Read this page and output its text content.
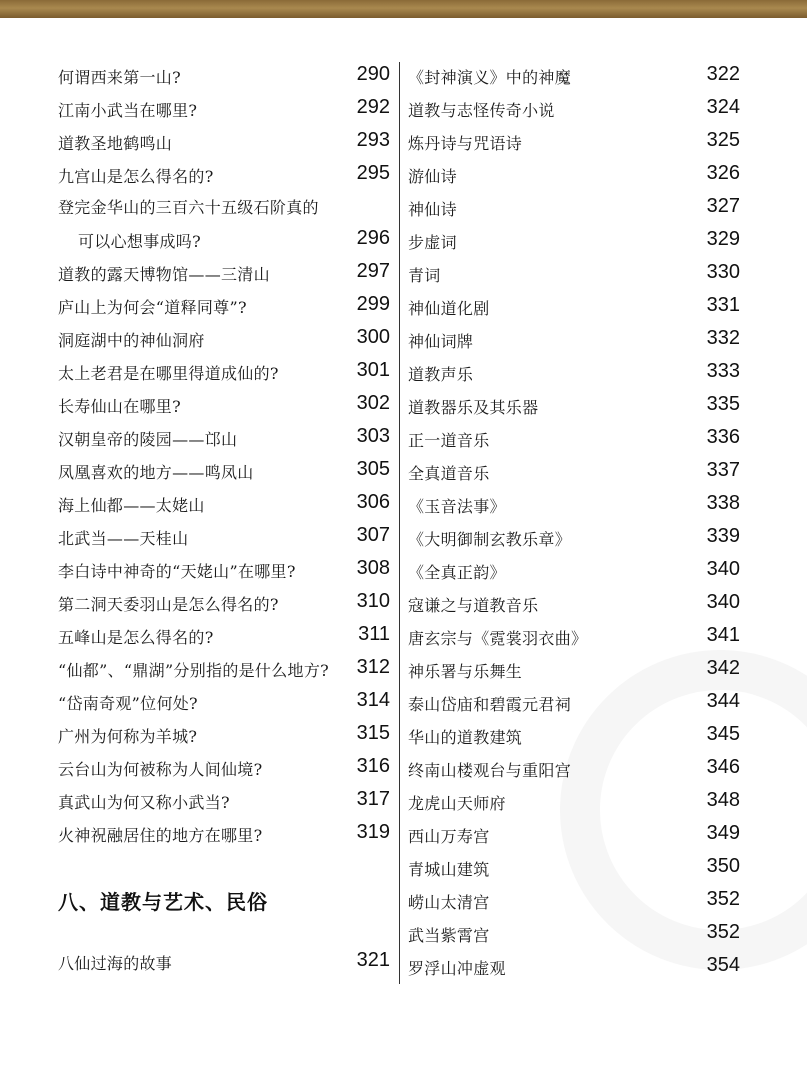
何谓西来第一山?	290
江南小武当在哪里?	292
道教圣地鹤鸣山	293
九宫山是怎么得名的?	295
登完金华山的三百六十五级石阶真的
可以心想事成吗?	296
道教的露天博物馆——三清山	297
庐山上为何会“道释同尊”?	299
洞庭湖中的神仙洞府	300
太上老君是在哪里得道成仙的?	301
长寿仙山在哪里?	302
汉朝皇帝的陵园——邙山	303
凤凰喜欢的地方——鸣凤山	305
海上仙都——太姥山	306
北武当——天桂山	307
李白诗中神奇的“天姥山”在哪里?	308
第二洞天委羽山是怎么得名的?	310
五峰山是怎么得名的?	311
“仙都”、“鼎湖”分别指的是什么地方? 312
“岱南奇观”位何处?	314
广州为何称为羊城?	315
云台山为何被称为人间仙境?	316
真武山为何又称小武当?	317
火神祝融居住的地方在哪里?	319
八仙过海的故事	321
八、道教与艺术、民俗
《封神演义》中的神魔	322
道教与志怪传奇小说	324
炼丹诗与咒语诗	325
游仙诗	326
神仙诗	327
步虚词	329
青词	330
神仙道化剧	331
神仙词牌	332
道教声乐	333
道教器乐及其乐器	335
正一道音乐	336
全真道音乐	337
《玉音法事》	338
《大明御制玄教乐章》	339
《全真正韵》	340
寇谦之与道教音乐	340
唐玄宗与《霓裳羽衣曲》	341
神乐署与乐舞生	342
泰山岱庙和碧霞元君祠	344
华山的道教建筑	345
终南山楼观台与重阳宫	346
龙虎山天师府	348
西山万寿宫	349
青城山建筑	350
崂山太清宫	352
武当紫霄宫	352
罗浮山冲虚观	354
